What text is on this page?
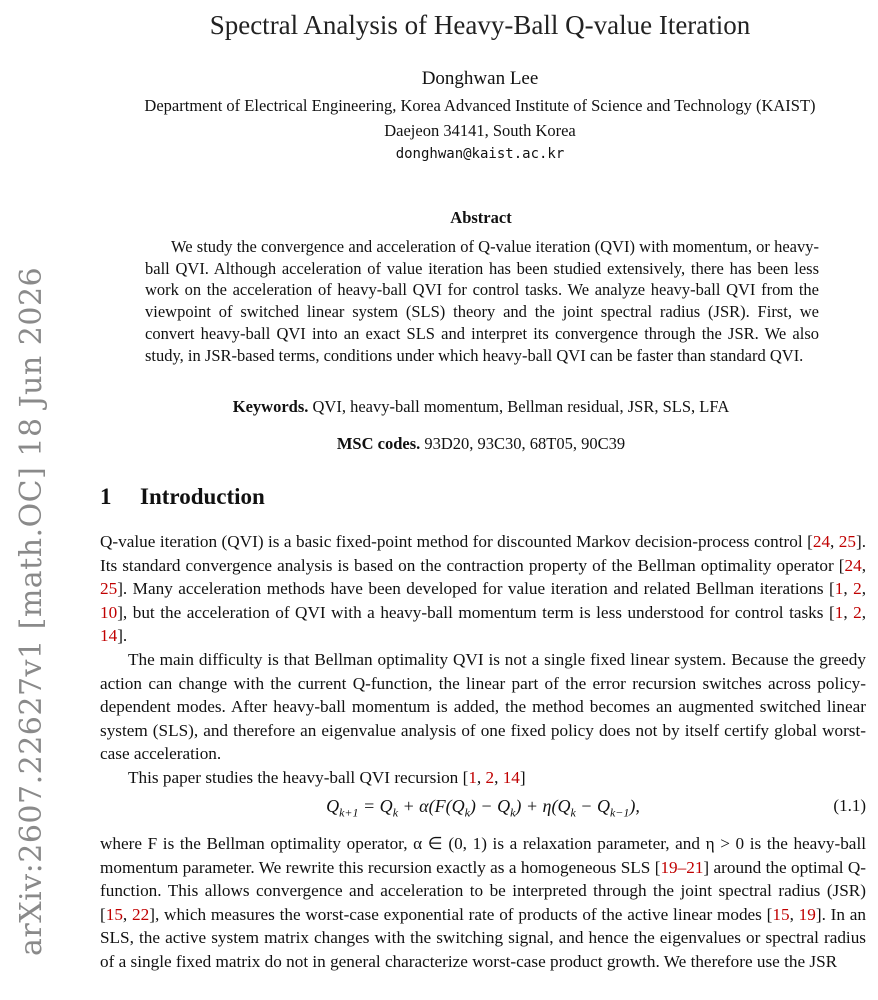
arXiv:2607.22627v1 [math.OC] 18 Jun 2026
Spectral Analysis of Heavy-Ball Q-value Iteration
Donghwan Lee
Department of Electrical Engineering, Korea Advanced Institute of Science and Technology (KAIST)
Daejeon 34141, South Korea
donghwan@kaist.ac.kr
Abstract
We study the convergence and acceleration of Q-value iteration (QVI) with momentum, or heavy-ball QVI. Although acceleration of value iteration has been studied extensively, there has been less work on the acceleration of heavy-ball QVI for control tasks. We analyze heavy-ball QVI from the viewpoint of switched linear system (SLS) theory and the joint spectral radius (JSR). First, we convert heavy-ball QVI into an exact SLS and interpret its convergence through the JSR. We also study, in JSR-based terms, conditions under which heavy-ball QVI can be faster than standard QVI.
Keywords. QVI, heavy-ball momentum, Bellman residual, JSR, SLS, LFA
MSC codes. 93D20, 93C30, 68T05, 90C39
1 Introduction

Q-value iteration (QVI) is a basic fixed-point method for discounted Markov decision-process control [24, 25]. Its standard convergence analysis is based on the contraction property of the Bellman optimality operator [24, 25]. Many acceleration methods have been developed for value iteration and related Bellman iterations [1, 2, 10], but the acceleration of QVI with a heavy-ball momentum term is less understood for control tasks [1, 2, 14].

The main difficulty is that Bellman optimality QVI is not a single fixed linear system. Because the greedy action can change with the current Q-function, the linear part of the error recursion switches across policy-dependent modes. After heavy-ball momentum is added, the method becomes an augmented switched linear system (SLS), and therefore an eigenvalue analysis of one fixed policy does not by itself certify global worst-case acceleration.

This paper studies the heavy-ball QVI recursion [1, 2, 14]

$Q_{k+1} = Q_k + \alpha(F(Q_k) - Q_k) + \eta(Q_k - Q_{k-1})$,	(1.1)

where F is the Bellman optimality operator, α ∈ (0, 1) is a relaxation parameter, and η > 0 is the heavy-ball momentum parameter. We rewrite this recursion exactly as a homogeneous SLS [19–21] around the optimal Q-function. This allows convergence and acceleration to be interpreted through the joint spectral radius (JSR) [15, 22], which measures the worst-case exponential rate of products of the active linear modes [15, 19]. In an SLS, the active system matrix changes with the switching signal, and hence the eigenvalues or spectral radius of a single fixed matrix do not in general characterize worst-case product growth. We therefore use the JSR
